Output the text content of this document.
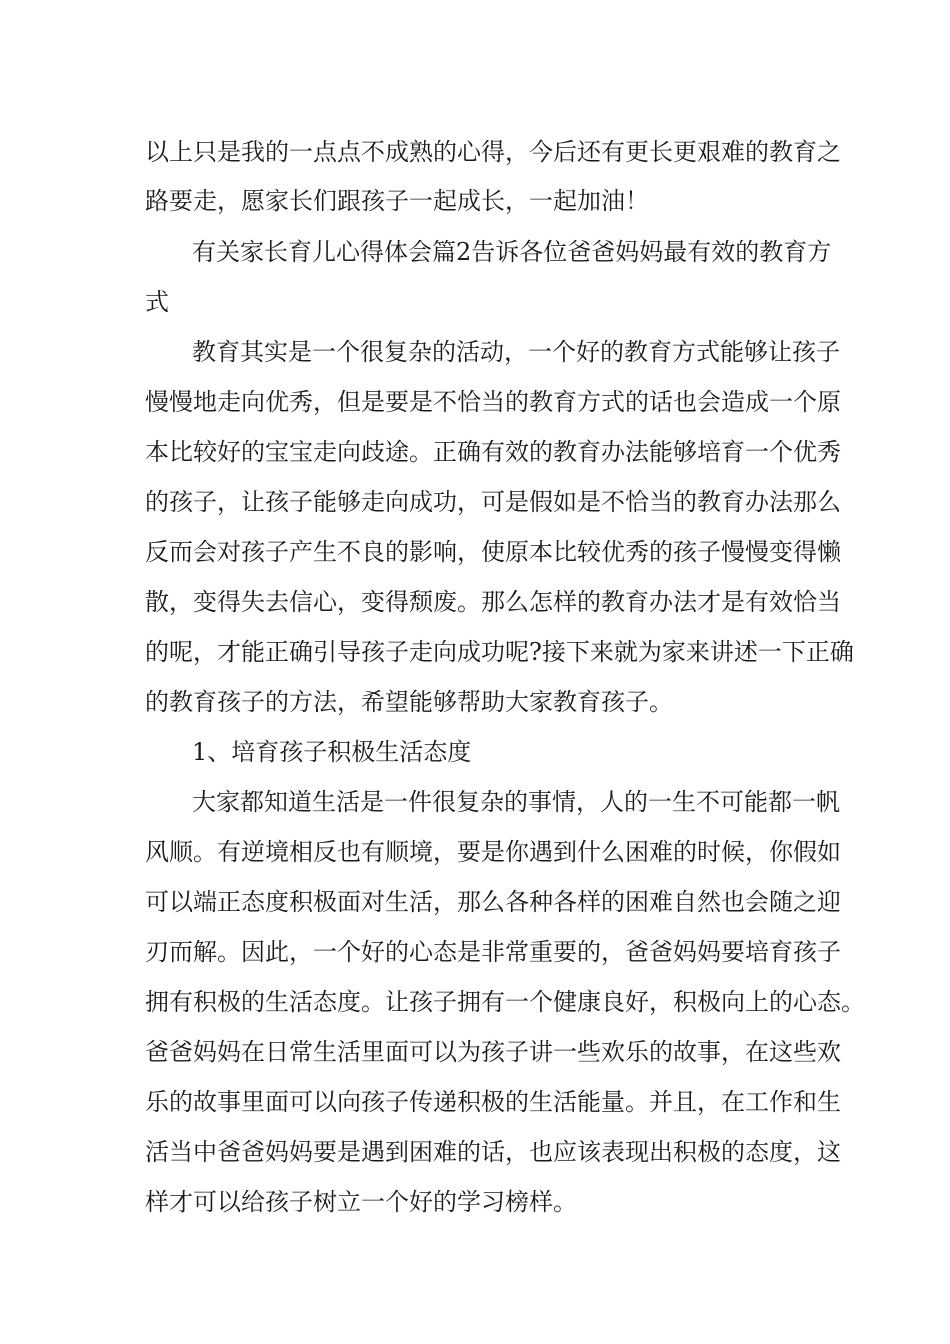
以上只是我的一点点不成熟的心得，今后还有更长更艰难的教育之

路要走，愿家长们跟孩子一起成长，一起加油！

有关家长育儿心得体会篇2告诉各位爸爸妈妈最有效的教育方

式

教育其实是一个很复杂的活动，一个好的教育方式能够让孩子

慢慢地走向优秀，但是要是不恰当的教育方式的话也会造成一个原

本比较好的宝宝走向歧途。正确有效的教育办法能够培育一个优秀

的孩子，让孩子能够走向成功，可是假如是不恰当的教育办法那么

反而会对孩子产生不良的影响，使原本比较优秀的孩子慢慢变得懒

散，变得失去信心，变得颓废。那么怎样的教育办法才是有效恰当

的呢，才能正确引导孩子走向成功呢?接下来就为家来讲述一下正确

的教育孩子的方法，希望能够帮助大家教育孩子。

1、培育孩子积极生活态度

大家都知道生活是一件很复杂的事情，人的一生不可能都一帆

风顺。有逆境相反也有顺境，要是你遇到什么困难的时候，你假如

可以端正态度积极面对生活，那么各种各样的困难自然也会随之迎

刃而解。因此，一个好的心态是非常重要的，爸爸妈妈要培育孩子

拥有积极的生活态度。让孩子拥有一个健康良好，积极向上的心态。

爸爸妈妈在日常生活里面可以为孩子讲一些欢乐的故事，在这些欢

乐的故事里面可以向孩子传递积极的生活能量。并且，在工作和生

活当中爸爸妈妈要是遇到困难的话，也应该表现出积极的态度，这

样才可以给孩子树立一个好的学习榜样。
